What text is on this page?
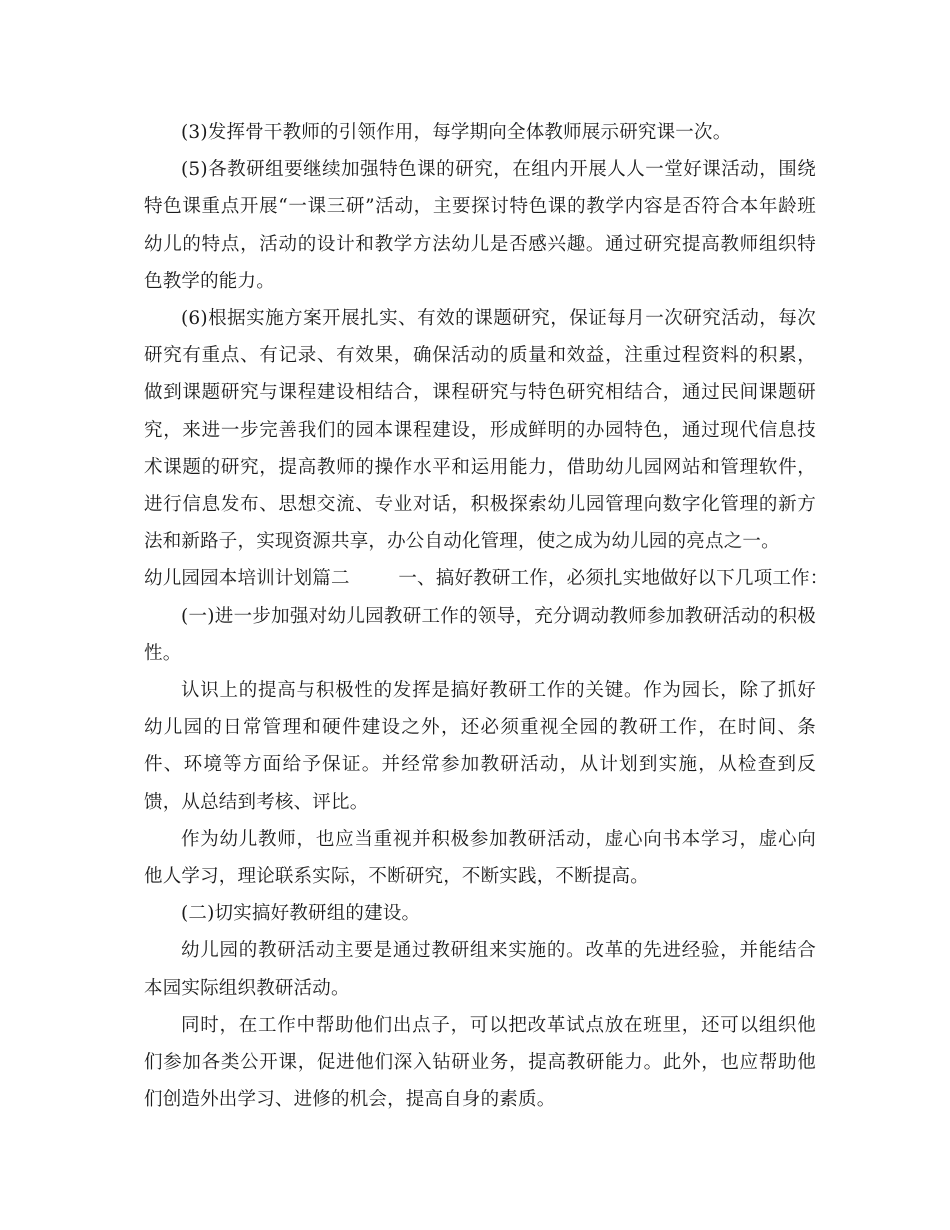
(3)发挥骨干教师的引领作用，每学期向全体教师展示研究课一次。

(5)各教研组要继续加强特色课的研究，在组内开展人人一堂好课活动，围绕特色课重点开展“一课三研”活动，主要探讨特色课的教学内容是否符合本年龄班幼儿的特点，活动的设计和教学方法幼儿是否感兴趣。通过研究提高教师组织特色教学的能力。

(6)根据实施方案开展扎实、有效的课题研究，保证每月一次研究活动，每次研究有重点、有记录、有效果，确保活动的质量和效益，注重过程资料的积累，做到课题研究与课程建设相结合，课程研究与特色研究相结合，通过民间课题研究，来进一步完善我们的园本课程建设，形成鲜明的办园特色，通过现代信息技术课题的研究，提高教师的操作水平和运用能力，借助幼儿园网站和管理软件，进行信息发布、思想交流、专业对话，积极探索幼儿园管理向数字化管理的新方法和新路子，实现资源共享，办公自动化管理，使之成为幼儿园的亮点之一。

幼儿园园本培训计划篇二	一、搞好教研工作，必须扎实地做好以下几项工作：

(一)进一步加强对幼儿园教研工作的领导，充分调动教师参加教研活动的积极性。

认识上的提高与积极性的发挥是搞好教研工作的关键。作为园长，除了抓好幼儿园的日常管理和硬件建设之外，还必须重视全园的教研工作，在时间、条件、环境等方面给予保证。并经常参加教研活动，从计划到实施，从检查到反馈，从总结到考核、评比。

作为幼儿教师，也应当重视并积极参加教研活动，虚心向书本学习，虚心向他人学习，理论联系实际，不断研究，不断实践，不断提高。

(二)切实搞好教研组的建设。

幼儿园的教研活动主要是通过教研组来实施的。改革的先进经验，并能结合本园实际组织教研活动。

同时，在工作中帮助他们出点子，可以把改革试点放在班里，还可以组织他们参加各类公开课，促进他们深入钻研业务，提高教研能力。此外，也应帮助他们创造外出学习、进修的机会，提高自身的素质。
